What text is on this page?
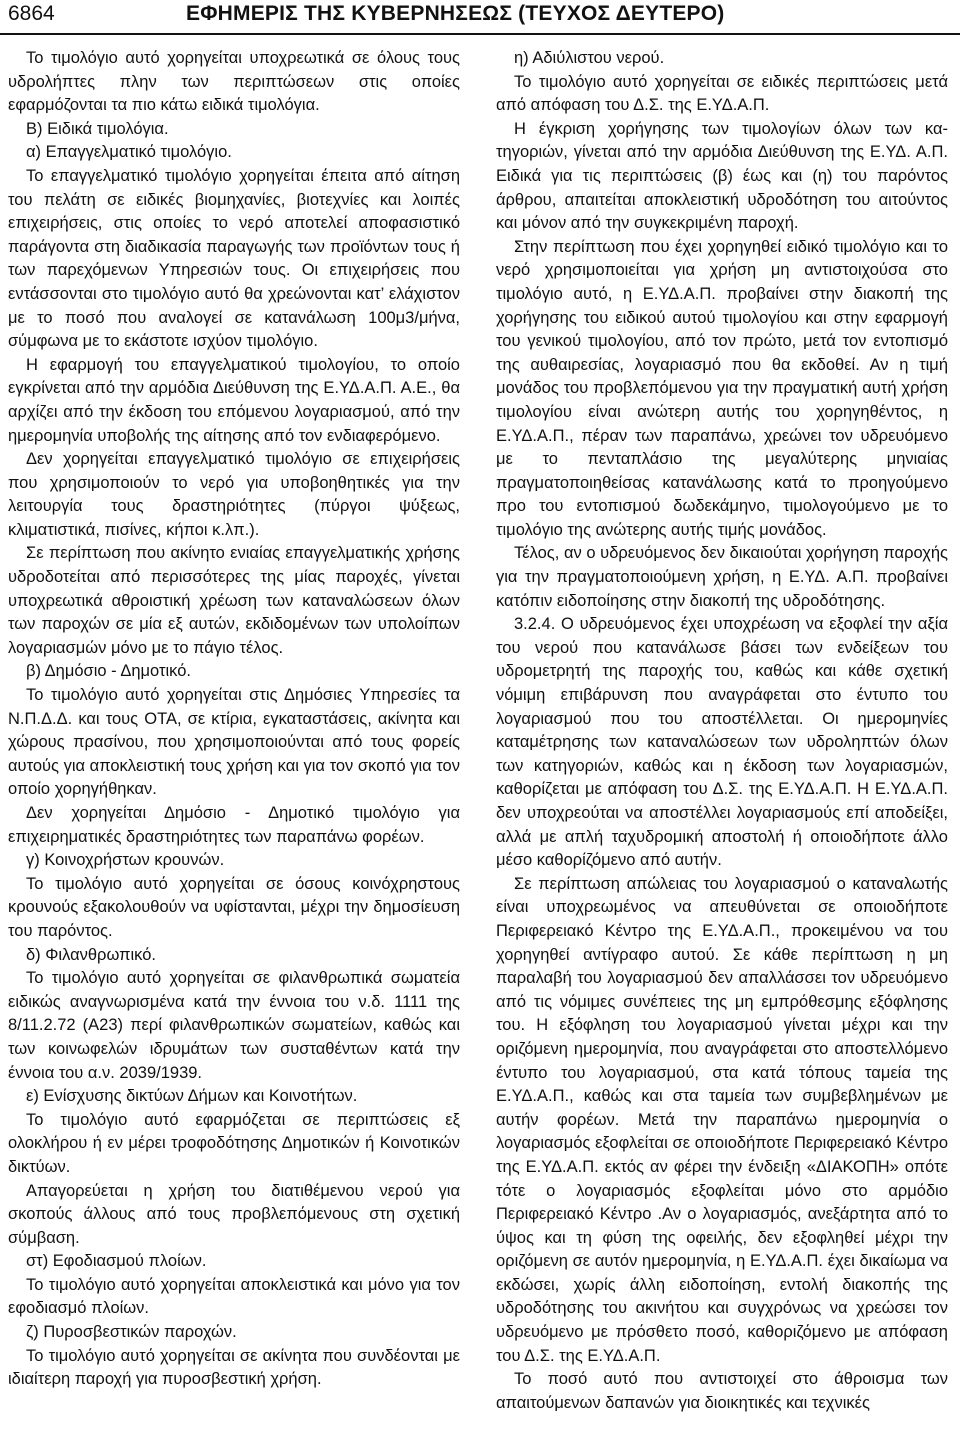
6864	ΕΦΗΜΕΡΙΣ ΤΗΣ ΚΥΒΕΡΝΗΣΕΩΣ (ΤΕΥΧΟΣ ΔΕΥΤΕΡΟ)

Το τιμολόγιο αυτό χορηγείται υποχρεωτικά σε όλους τους υδρολήπτες πλην των περιπτώσεων στις οποίες εφαρμόζονται τα πιο κάτω ειδικά τιμολόγια.

Β) Ειδικά τιμολόγια.

α) Επαγγελματικό τιμολόγιο.

Το επαγγελματικό τιμολόγιο χορηγείται έπειτα από αίτηση του πελάτη σε ειδικές βιομηχανίες, βιοτεχνίες και λοιπές επιχειρήσεις, στις οποίες το νερό αποτελεί αποφασιστικό παράγοντα στη διαδικασία παραγωγής των προϊόντων τους ή των παρεχόμενων Υπηρεσιών τους. Οι επιχειρήσεις που εντάσσονται στο τιμολόγιο αυτό θα χρεώνονται κατ’ ελάχιστον με το ποσό που αναλογεί σε κατανάλωση 100μ3/μήνα, σύμφωνα με το εκάστοτε ισχύον τιμολόγιο.

Η εφαρμογή του επαγγελματικού τιμολογίου, το οποίο εγκρίνεται από την αρμόδια Διεύθυνση της Ε.ΥΔ.Α.Π. Α.Ε., θα αρχίζει από την έκδοση του επόμενου λογαριασμού, από την ημερομηνία υποβολής της αίτησης από τον ενδιαφερόμενο.

Δεν χορηγείται επαγγελματικό τιμολόγιο σε επιχειρήσεις που χρησιμοποιούν το νερό για υποβοηθητικές για την λειτουργία τους δραστηριότητες (πύργοι ψύξεως, κλιματιστικά, πισίνες, κήποι κ.λπ.).

Σε περίπτωση που ακίνητο ενιαίας επαγγελματικής χρήσης υδροδοτείται από περισσότερες της μίας παροχές, γίνεται υποχρεωτικά αθροιστική χρέωση των καταναλώσεων όλων των παροχών σε μία εξ αυτών, εκδιδομένων των υπολοίπων λογαριασμών μόνο με το πάγιο τέλος.

β) Δημόσιο - Δημοτικό.

Το τιμολόγιο αυτό χορηγείται στις Δημόσιες Υπηρεσίες τα Ν.Π.Δ.Δ. και τους ΟΤΑ, σε κτίρια, εγκαταστάσεις, ακίνητα και χώρους πρασίνου, που χρησιμοποιούνται από τους φορείς αυτούς για αποκλειστική τους χρήση και για τον σκοπό για τον οποίο χορηγήθηκαν.

Δεν χορηγείται Δημόσιο - Δημοτικό τιμολόγιο για επιχειρηματικές δραστηριότητες των παραπάνω φορέων.

γ) Κοινοχρήστων κρουνών.

Το τιμολόγιο αυτό χορηγείται σε όσους κοινόχρηστους κρουνούς εξακολουθούν να υφίστανται, μέχρι την δημοσίευση του παρόντος.

δ) Φιλανθρωπικό.

Το τιμολόγιο αυτό χορηγείται σε φιλανθρωπικά σωματεία ειδικώς αναγνωρισμένα κατά την έννοια του ν.δ. 1111 της 8/11.2.72 (Α23) περί φιλανθρωπικών σωματείων, καθώς και των κοινωφελών ιδρυμάτων των συσταθέντων κατά την έννοια του α.ν. 2039/1939.

ε) Ενίσχυσης δικτύων Δήμων και Κοινοτήτων.

Το τιμολόγιο αυτό εφαρμόζεται σε περιπτώσεις εξ ολοκλήρου ή εν μέρει τροφοδότησης Δημοτικών ή Κοινοτικών δικτύων.

Απαγορεύεται η χρήση του διατιθέμενου νερού για σκοπούς άλλους από τους προβλεπόμενους στη σχετική σύμβαση.

στ) Εφοδιασμού πλοίων.

Το τιμολόγιο αυτό χορηγείται αποκλειστικά και μόνο για τον εφοδιασμό πλοίων.

ζ) Πυροσβεστικών παροχών.

Το τιμολόγιο αυτό χορηγείται σε ακίνητα που συνδέονται με ιδιαίτερη παροχή για πυροσβεστική χρήση.

η) Αδιύλιστου νερού.

Το τιμολόγιο αυτό χορηγείται σε ειδικές περιπτώσεις μετά από απόφαση του Δ.Σ. της Ε.ΥΔ.Α.Π.

Η έγκριση χορήγησης των τιμολογίων όλων των κατηγοριών, γίνεται από την αρμόδια Διεύθυνση της Ε.ΥΔ. Α.Π. Ειδικά για τις περιπτώσεις (β) έως και (η) του παρόντος άρθρου, απαιτείται αποκλειστική υδροδότηση του αιτούντος και μόνον από την συγκεκριμένη παροχή.

Στην περίπτωση που έχει χορηγηθεί ειδικό τιμολόγιο και το νερό χρησιμοποιείται για χρήση μη αντιστοιχούσα στο τιμολόγιο αυτό, η Ε.ΥΔ.Α.Π. προβαίνει στην διακοπή της χορήγησης του ειδικού αυτού τιμολογίου και στην εφαρμογή του γενικού τιμολογίου, από τον πρώτο, μετά τον εντοπισμό της αυθαιρεσίας, λογαριασμό που θα εκδοθεί. Αν η τιμή μονάδος του προβλεπόμενου για την πραγματική αυτή χρήση τιμολογίου είναι ανώτερη αυτής του χορηγηθέντος, η Ε.ΥΔ.Α.Π., πέραν των παραπάνω, χρεώνει τον υδρευόμενο με το πενταπλάσιο της μεγαλύτερης μηνιαίας πραγματοποιηθείσας κατανάλωσης κατά το προηγούμενο προ του εντοπισμού δωδεκάμηνο, τιμολογούμενο με το τιμολόγιο της ανώτερης αυτής τιμής μονάδος.

Τέλος, αν ο υδρευόμενος δεν δικαιούται χορήγηση παροχής για την πραγματοποιούμενη χρήση, η Ε.ΥΔ. Α.Π. προβαίνει κατόπιν ειδοποίησης στην διακοπή της υδροδότησης.

3.2.4. Ο υδρευόμενος έχει υποχρέωση να εξοφλεί την αξία του νερού που κατανάλωσε βάσει των ενδείξεων του υδρομετρητή της παροχής του, καθώς και κάθε σχετική νόμιμη επιβάρυνση που αναγράφεται στο έντυπο του λογαριασμού που του αποστέλλεται. Οι ημερομηνίες καταμέτρησης των καταναλώσεων των υδροληπτών όλων των κατηγοριών, καθώς και η έκδοση των λογαριασμών, καθορίζεται με απόφαση του Δ.Σ. της Ε.ΥΔ.Α.Π. Η Ε.ΥΔ.Α.Π. δεν υποχρεούται να αποστέλλει λογαριασμούς επί αποδείξει, αλλά με απλή ταχυδρομική αποστολή ή οποιοδήποτε άλλο μέσο καθορίζόμενο από αυτήν.

Σε περίπτωση απώλειας του λογαριασμού ο καταναλωτής είναι υποχρεωμένος να απευθύνεται σε οποιοδήποτε Περιφερειακό Κέντρο της Ε.ΥΔ.Α.Π., προκειμένου να του χορηγηθεί αντίγραφο αυτού. Σε κάθε περίπτωση η μη παραλαβή του λογαριασμού δεν απαλλάσσει τον υδρευόμενο από τις νόμιμες συνέπειες της μη εμπρόθεσμης εξόφλησης του. Η εξόφληση του λογαριασμού γίνεται μέχρι και την οριζόμενη ημερομηνία, που αναγράφεται στο αποστελλόμενο έντυπο του λογαριασμού, στα κατά τόπους ταμεία της Ε.ΥΔ.Α.Π., καθώς και στα ταμεία των συμβεβλημένων με αυτήν φορέων. Μετά την παραπάνω ημερομηνία ο λογαριασμός εξοφλείται σε οποιοδήποτε Περιφερειακό Κέντρο της Ε.ΥΔ.Α.Π. εκτός αν φέρει την ένδειξη «ΔΙΑΚΟΠΗ» οπότε τότε ο λογαριασμός εξοφλείται μόνο στο αρμόδιο Περιφερειακό Κέντρο .Αν ο λογαριασμός, ανεξάρτητα από το ύψος και τη φύση της οφειλής, δεν εξοφληθεί μέχρι την οριζόμενη σε αυτόν ημερομηνία, η Ε.ΥΔ.Α.Π. έχει δικαίωμα να εκδώσει, χωρίς άλλη ειδοποίηση, εντολή διακοπής της υδροδότησης του ακινήτου και συγχρόνως να χρεώσει τον υδρευόμενο με πρόσθετο ποσό, καθοριζόμενο με απόφαση του Δ.Σ. της Ε.ΥΔ.Α.Π.

Το ποσό αυτό που αντιστοιχεί στο άθροισμα των απαιτούμενων δαπανών για διοικητικές και τεχνικές
